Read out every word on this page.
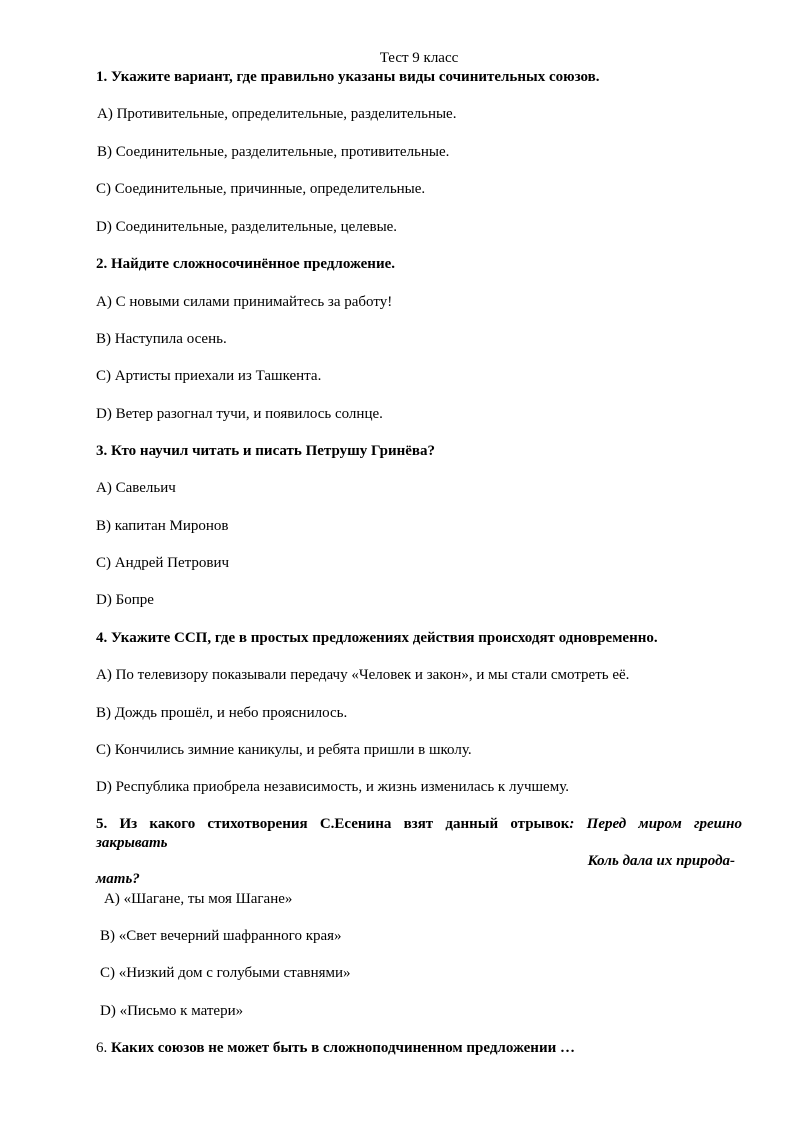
Тест 9 класс
1. Укажите вариант, где правильно указаны виды сочинительных союзов.
A) Противительные, определительные, разделительные.
B) Соединительные, разделительные, противительные.
C) Соединительные, причинные, определительные.
D) Соединительные, разделительные, целевые.
2. Найдите сложносочинённое предложение.
A) С новыми силами принимайтесь за работу!
B) Наступила осень.
C) Артисты приехали из Ташкента.
D) Ветер разогнал тучи, и появилось солнце.
3. Кто научил читать и писать Петрушу Гринёва?
A) Савельич
B) капитан Миронов
C) Андрей Петрович
D) Бопре
4. Укажите ССП, где в простых предложениях действия происходят одновременно.
A) По телевизору показывали передачу «Человек и закон», и мы стали смотреть её.
B) Дождь прошёл, и небо прояснилось.
C) Кончились зимние каникулы, и ребята пришли в школу.
D) Республика приобрела независимость, и жизнь изменилась к лучшему.
5. Из какого стихотворения С.Есенина взят данный отрывок: Перед миром грешно
закрывать
Коль дала их природа-
мать?
A) «Шагане, ты моя Шагане»
B) «Свет вечерний шафранного края»
C) «Низкий дом с голубыми ставнями»
D) «Письмо к матери»
6. Каких союзов не может быть в сложноподчиненном предложении …
